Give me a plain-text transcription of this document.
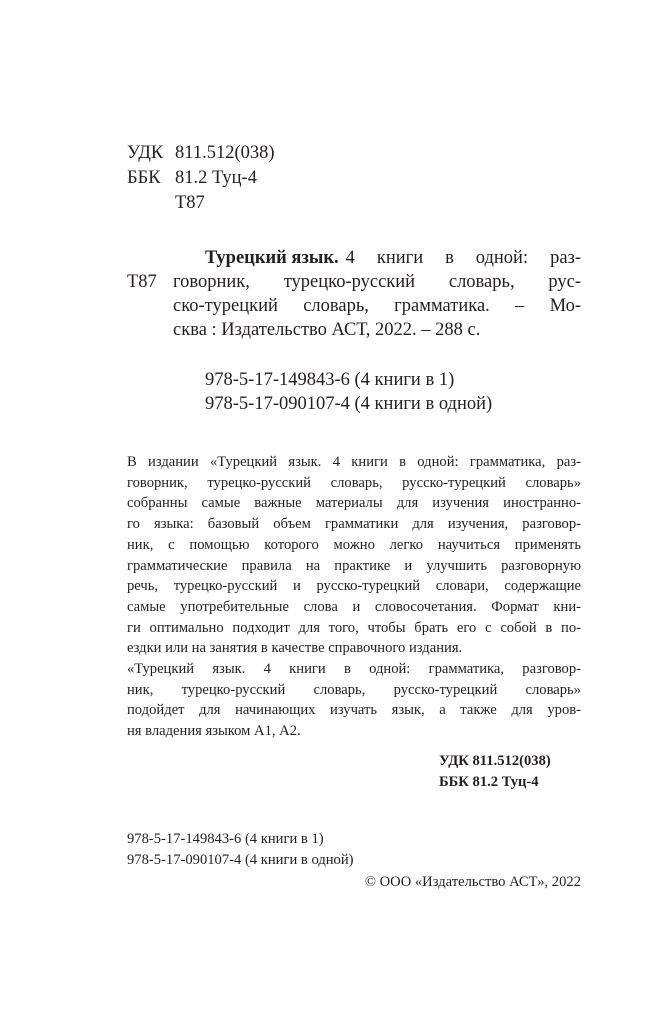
УДК 811.512(038)
ББК 81.2 Туц-4
Т87
Т87
Турецкий язык. 4 книги в одной: раз-
говорник, турецко-русский словарь, рус-
ско-турецкий словарь, грамматика. – Мо-
сква : Издательство АСТ, 2022. – 288 с.
978-5-17-149843-6 (4 книги в 1)
978-5-17-090107-4 (4 книги в одной)
В издании «Турецкий язык. 4 книги в одной: грамматика, раз-
говорник, турецко-русский словарь, русско-турецкий словарь»
собранны самые важные материалы для изучения иностранно-
го языка: базовый объем грамматики для изучения, разговор-
ник, с помощью которого можно легко научиться применять
грамматические правила на практике и улучшить разговорную
речь, турецко-русский и русско-турецкий словари, содержащие
самые употребительные слова и словосочетания. Формат кни-
ги оптимально подходит для того, чтобы брать его с собой в по-
ездки или на занятия в качестве справочного издания.
«Турецкий язык. 4 книги в одной: грамматика, разговор-
ник, турецко-русский словарь, русско-турецкий словарь»
подойдет для начинающих изучать язык, а также для уров-
ня владения языком А1, А2.
УДК 811.512(038)
ББК 81.2 Туц-4
978-5-17-149843-6 (4 книги в 1)
978-5-17-090107-4 (4 книги в одной)
© ООО «Издательство АСТ», 2022
